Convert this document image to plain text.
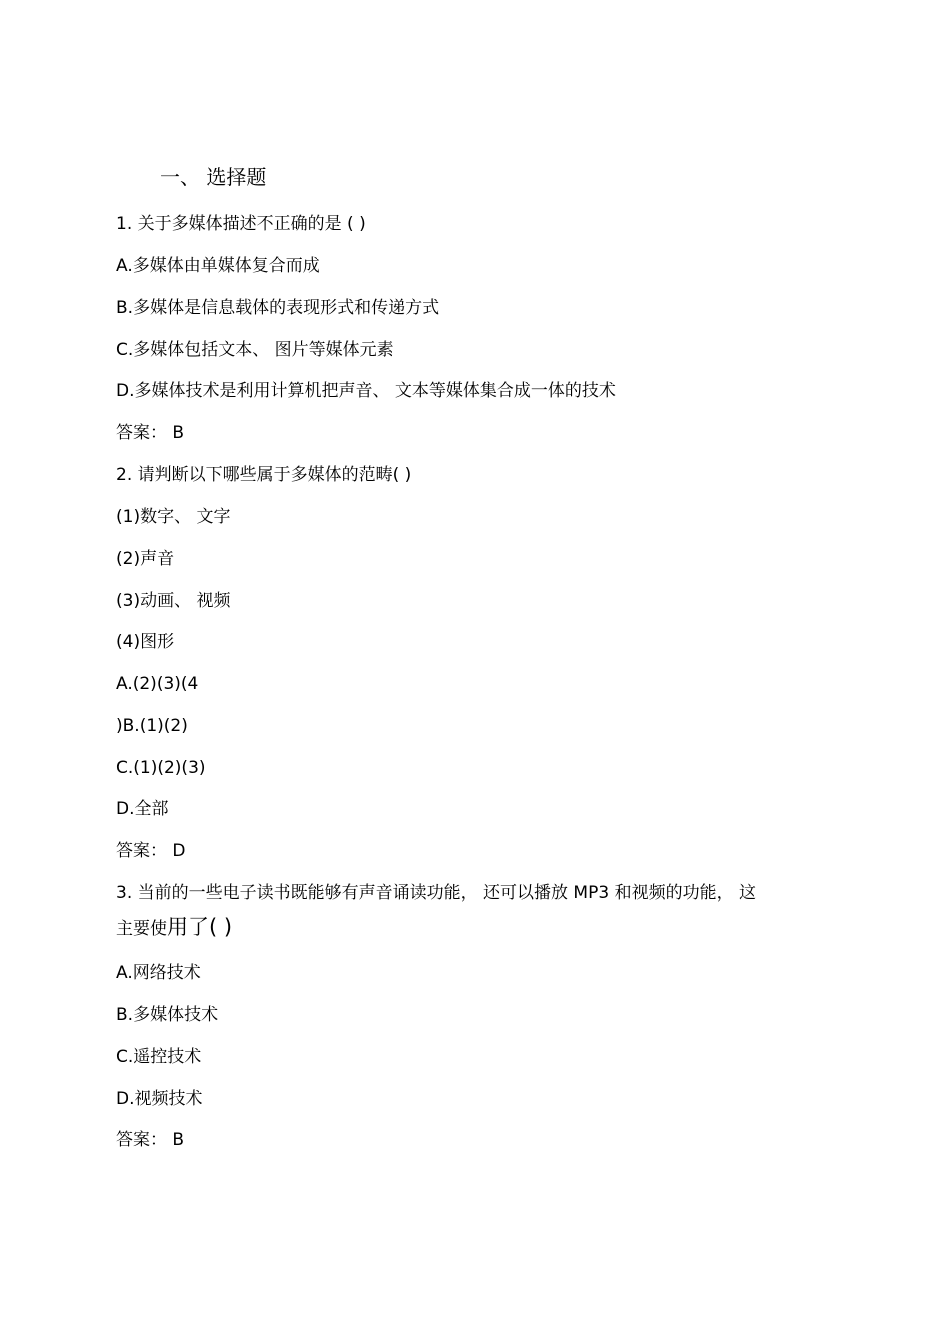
一、 选择题
1. 关于多媒体描述不正确的是 ( )
A.多媒体由单媒体复合而成
B.多媒体是信息载体的表现形式和传递方式
C.多媒体包括文本、 图片等媒体元素
D.多媒体技术是利用计算机把声音、 文本等媒体集合成一体的技术
答案： B
2. 请判断以下哪些属于多媒体的范畴( )
(1)数字、 文字
(2)声音
(3)动画、 视频
(4)图形
A.(2)(3)(4
)B.(1)(2)
C.(1)(2)(3)
D.全部
答案： D
3. 当前的一些电子读书既能够有声音诵读功能， 还可以播放 MP3 和视频的功能， 这
主要使用了( )
A.网络技术
B.多媒体技术
C.遥控技术
D.视频技术
答案： B
